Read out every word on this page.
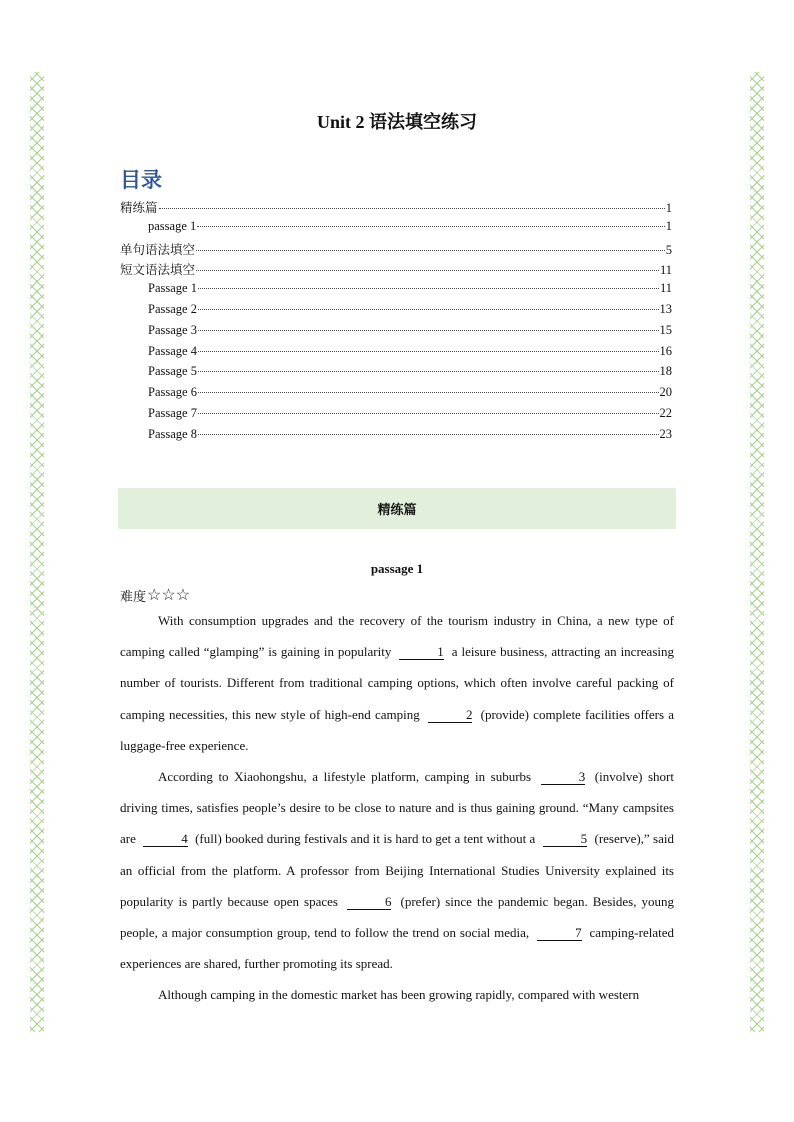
Unit 2 语法填空练习
目录
精练篇	1
passage 1	1
单句语法填空	5
短文语法填空	11
Passage 1	11
Passage 2	13
Passage 3	15
Passage 4	16
Passage 5	18
Passage 6	20
Passage 7	22
Passage 8	23
精练篇
passage 1
难度 ☆☆☆

With consumption upgrades and the recovery of the tourism industry in China, a new type of camping called “glamping” is gaining in popularity	1 a leisure business, attracting an increasing number of tourists. Different from traditional camping options, which often involve careful packing of camping necessities, this new style of high-end camping	2 (provide) complete facilities offers a luggage-free experience.

According to Xiaohongshu, a lifestyle platform, camping in suburbs	3 (involve) short driving times, satisfies people’s desire to be close to nature and is thus gaining ground. “Many campsites are	4 (full) booked during festivals and it is hard to get a tent without a	5 (reserve),” said an official from the platform. A professor from Beijing International Studies University explained its popularity is partly because open spaces	6 (prefer) since the pandemic began. Besides, young people, a major consumption group, tend to follow the trend on social media,	7 camping-related experiences are shared, further promoting its spread.

Although camping in the domestic market has been growing rapidly, compared with western
